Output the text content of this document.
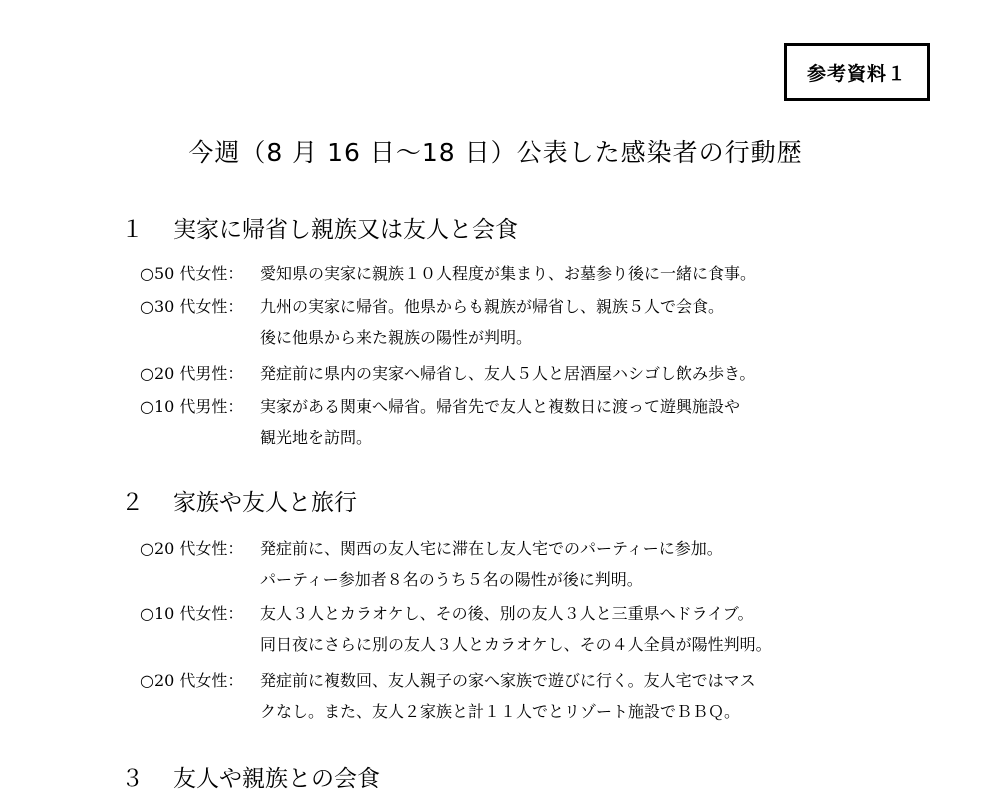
参考資料１
今週（8 月 16 日～18 日）公表した感染者の行動歴
１ 実家に帰省し親族又は友人と会食
○50 代女性： 愛知県の実家に親族１０人程度が集まり、お墓参り後に一緒に食事。
○30 代女性： 九州の実家に帰省。他県からも親族が帰省し、親族５人で会食。
後に他県から来た親族の陽性が判明。
○20 代男性： 発症前に県内の実家へ帰省し、友人５人と居酒屋ハシゴし飲み歩き。
○10 代男性： 実家がある関東へ帰省。帰省先で友人と複数日に渡って遊興施設や
観光地を訪問。
２ 家族や友人と旅行
○20 代女性： 発症前に、関西の友人宅に滞在し友人宅でのパーティーに参加。
パーティー参加者８名のうち５名の陽性が後に判明。
○10 代女性： 友人３人とカラオケし、その後、別の友人３人と三重県へドライブ。
同日夜にさらに別の友人３人とカラオケし、その４人全員が陽性判明。
○20 代女性： 発症前に複数回、友人親子の家へ家族で遊びに行く。友人宅ではマス
クなし。また、友人２家族と計１１人でとリゾート施設でＢＢＱ。
３ 友人や親族との会食
